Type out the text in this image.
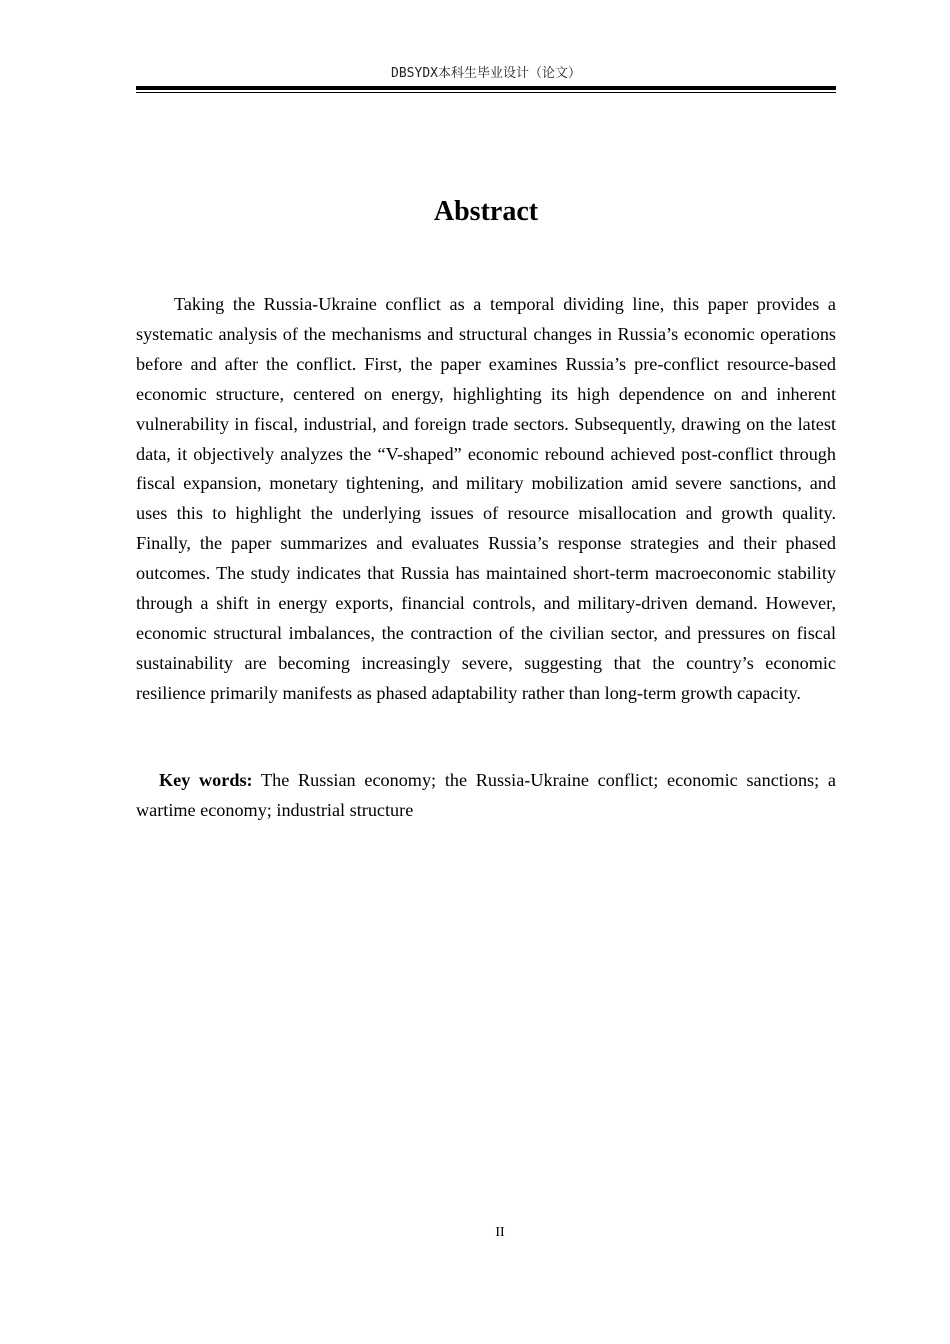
DBSYDX本科生毕业设计（论文）
Abstract

Taking the Russia-Ukraine conflict as a temporal dividing line, this paper provides a systematic analysis of the mechanisms and structural changes in Russia’s economic operations before and after the conflict. First, the paper examines Russia’s pre-conflict resource-based economic structure, centered on energy, highlighting its high dependence on and inherent vulnerability in fiscal, industrial, and foreign trade sectors. Subsequently, drawing on the latest data, it objectively analyzes the “V-shaped” economic rebound achieved post-conflict through fiscal expansion, monetary tightening, and military mobilization amid severe sanctions, and uses this to highlight the underlying issues of resource misallocation and growth quality. Finally, the paper summarizes and evaluates Russia’s response strategies and their phased outcomes. The study indicates that Russia has maintained short-term macroeconomic stability through a shift in energy exports, financial controls, and military-driven demand. However, economic structural imbalances, the contraction of the civilian sector, and pressures on fiscal sustainability are becoming increasingly severe, suggesting that the country’s economic resilience primarily manifests as phased adaptability rather than long-term growth capacity.

Key words: The Russian economy; the Russia-Ukraine conflict; economic sanctions; a wartime economy; industrial structure

II
